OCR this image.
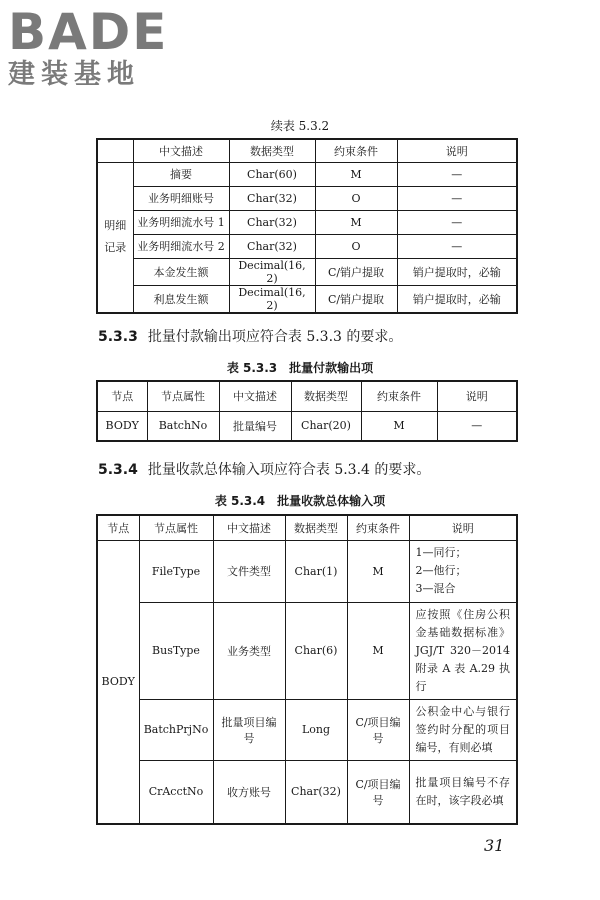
BADE
建装基地
续表 5.3.2
	中文描述	数据类型	约束条件	说明

明细
记录	摘要	Char(60)	M	—
	业务明细账号	Char(32)	O	—
	业务明细流水号 1	Char(32)	M	—
	业务明细流水号 2	Char(32)	O	—
	本金发生额	Decimal(16, 2)	C/销户提取	销户提取时，必输
	利息发生额	Decimal(16, 2)	C/销户提取	销户提取时，必输
5.3.3 批量付款输出项应符合表 5.3.3 的要求。
表 5.3.3　批量付款输出项
节点	节点属性	中文描述	数据类型	约束条件	说明
BODY	BatchNo	批量编号	Char(20)	M	—
5.3.4 批量收款总体输入项应符合表 5.3.4 的要求。
表 5.3.4　批量收款总体输入项
节点	节点属性	中文描述	数据类型	约束条件	说明
BODY	FileType	文件类型	Char(1)	M	1—同行；
2—他行；
3—混合

	BusType	业务类型	Char(6)	M	应按照《住房公积金基础数据标准》JGJ/T 320－2014 附录 A 表 A.29 执行
	BatchPrjNo	批量项目编号	Long	C/项目编号	公积金中心与银行签约时分配的项目编号，有则必填
	CrAcctNo	收方账号	Char(32)	C/项目编号	批量项目编号不存在时，该字段必填
31
